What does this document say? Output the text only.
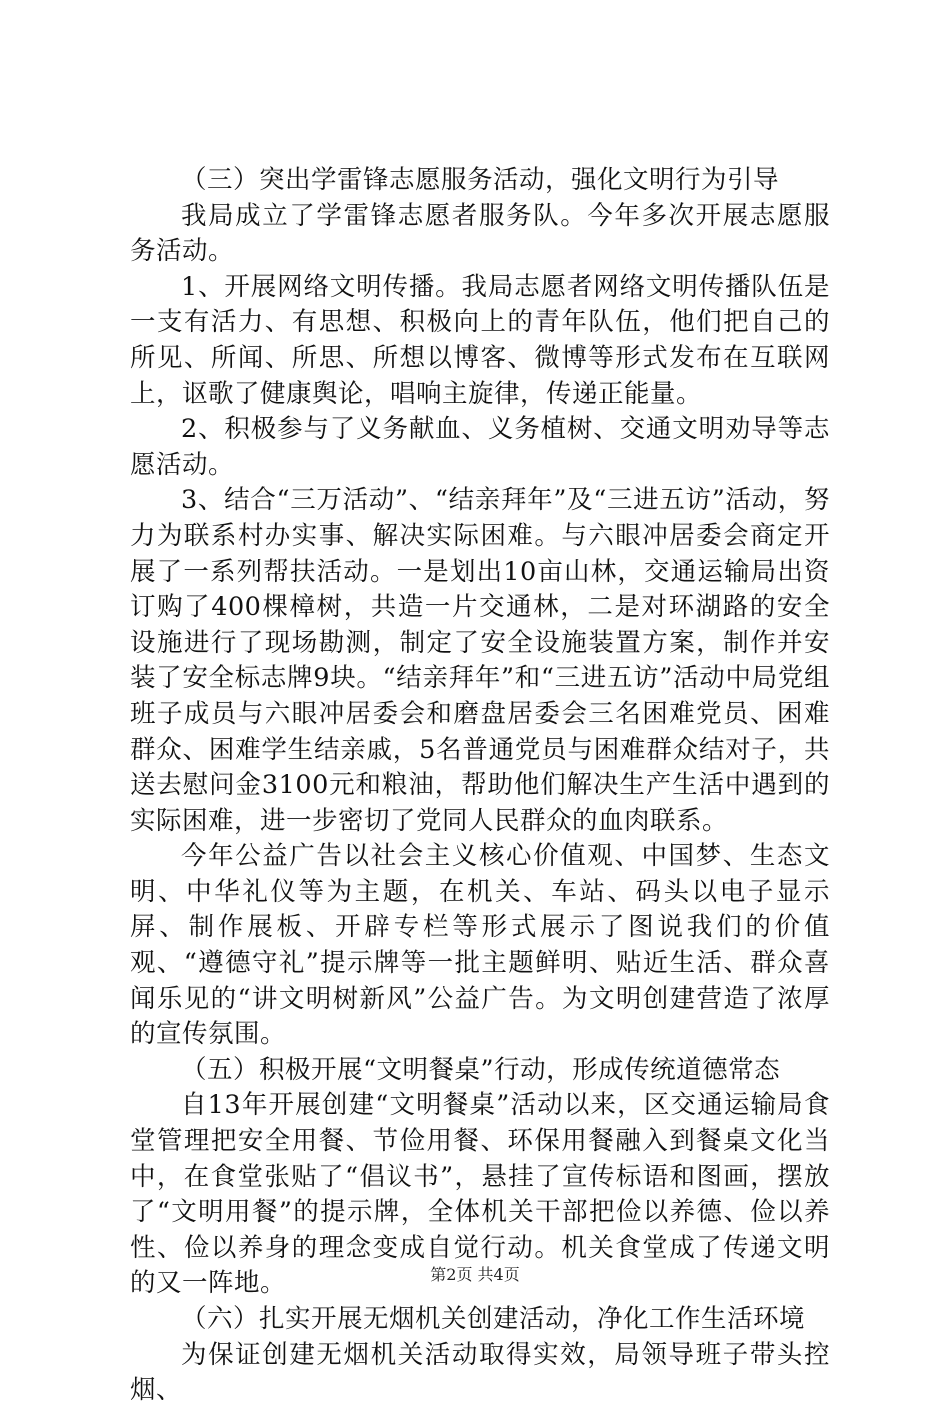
（三）突出学雷锋志愿服务活动，强化文明行为引导

我局成立了学雷锋志愿者服务队。今年多次开展志愿服务活动。

1、开展网络文明传播。我局志愿者网络文明传播队伍是一支有活力、有思想、积极向上的青年队伍，他们把自己的所见、所闻、所思、所想以博客、微博等形式发布在互联网上，讴歌了健康舆论，唱响主旋律，传递正能量。

2、积极参与了义务献血、义务植树、交通文明劝导等志愿活动。

3、结合“三万活动”、“结亲拜年”及“三进五访”活动，努力为联系村办实事、解决实际困难。与六眼冲居委会商定开展了一系列帮扶活动。一是划出10亩山林，交通运输局出资订购了400棵樟树，共造一片交通林，二是对环湖路的安全设施进行了现场勘测，制定了安全设施装置方案，制作并安装了安全标志牌9块。“结亲拜年”和“三进五访”活动中局党组班子成员与六眼冲居委会和磨盘居委会三名困难党员、困难群众、困难学生结亲戚，5名普通党员与困难群众结对子，共送去慰问金3100元和粮油，帮助他们解决生产生活中遇到的实际困难，进一步密切了党同人民群众的血肉联系。

今年公益广告以社会主义核心价值观、中国梦、生态文明、中华礼仪等为主题，在机关、车站、码头以电子显示屏、制作展板、开辟专栏等形式展示了图说我们的价值观、“遵德守礼”提示牌等一批主题鲜明、贴近生活、群众喜闻乐见的“讲文明树新风”公益广告。为文明创建营造了浓厚的宣传氛围。

（五）积极开展“文明餐桌”行动，形成传统道德常态

自13年开展创建“文明餐桌”活动以来，区交通运输局食堂管理把安全用餐、节俭用餐、环保用餐融入到餐桌文化当中，在食堂张贴了“倡议书”，悬挂了宣传标语和图画，摆放了“文明用餐”的提示牌，全体机关干部把俭以养德、俭以养性、俭以养身的理念变成自觉行动。机关食堂成了传递文明的又一阵地。

（六）扎实开展无烟机关创建活动，净化工作生活环境

为保证创建无烟机关活动取得实效，局领导班子带头控烟、

第2页 共4页
